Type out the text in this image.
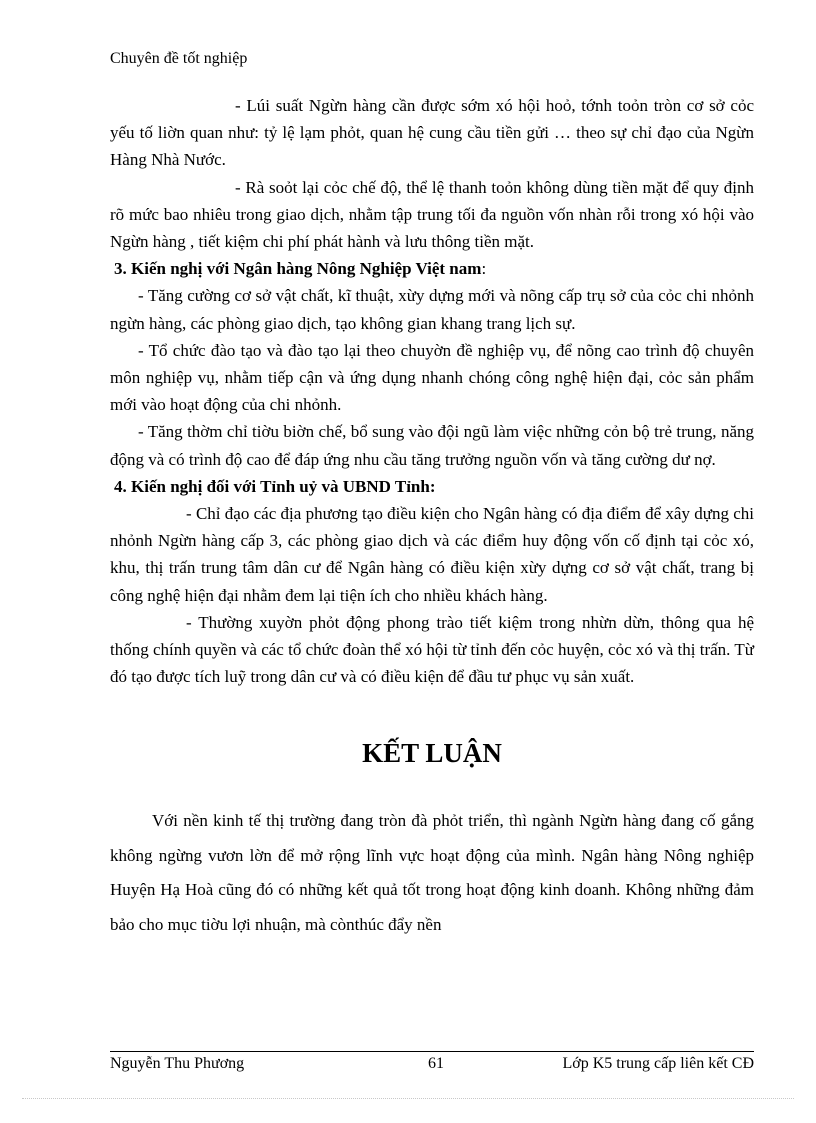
Chuyên đề tốt nghiệp

- Lúi suất Ngừn hàng cần được sớm xó hội hoỏ, tớnh toỏn tròn cơ sở cỏc yếu tố liờn quan như: tỷ lệ lạm phỏt, quan hệ cung cầu tiền gửi … theo sự chỉ đạo của Ngừn Hàng Nhà Nước.

- Rà soỏt lại cỏc chế độ, thể lệ thanh toỏn không dùng tiền mặt để quy định rõ mức bao nhiêu trong giao dịch, nhằm tập trung tối đa nguồn vốn nhàn rỗi trong xó hội vào Ngừn hàng , tiết kiệm chi phí phát hành và lưu thông tiền mặt.

3. Kiến nghị với Ngân hàng Nông Nghiệp Việt nam:

- Tăng cường cơ sở vật chất, kĩ thuật, xừy dựng mới và nõng cấp trụ sở của cỏc chi nhỏnh ngừn hàng, các phòng giao dịch, tạo không gian khang trang lịch sự.

- Tổ chức đào tạo và đào tạo lại theo chuyờn đề nghiệp vụ, để nõng cao trình độ chuyên môn nghiệp vụ, nhằm tiếp cận và ứng dụng nhanh chóng công nghệ hiện đại, cỏc sản phẩm mới vào hoạt động của chi nhỏnh.

- Tăng thờm chỉ tiờu biờn chế, bổ sung vào đội ngũ làm việc những cỏn bộ trẻ trung, năng động và có trình độ cao để đáp ứng nhu cầu tăng trưởng nguồn vốn và tăng cường dư nợ.

4. Kiến nghị đối với Tỉnh uỷ và UBND Tỉnh:

- Chỉ đạo các địa phương tạo điều kiện cho Ngân hàng có địa điểm để xây dựng chi nhỏnh Ngừn hàng cấp 3, các phòng giao dịch và các điểm huy động vốn cố định tại cỏc xó, khu, thị trấn trung tâm dân cư để Ngân hàng có điều kiện xừy dựng cơ sở vật chất, trang bị công nghệ hiện đại nhằm đem lại tiện ích cho nhiều khách hàng.

- Thường xuyờn phỏt động phong trào tiết kiệm trong nhừn dừn, thông qua hệ thống chính quyền và các tổ chức đoàn thể xó hội từ tỉnh đến cỏc huyện, cỏc xó và thị trấn. Từ đó tạo được tích luỹ trong dân cư và có điều kiện để đầu tư phục vụ sản xuất.

KẾT LUẬN

Với nền kinh tế thị trường đang tròn đà phỏt triển, thì ngành Ngừn hàng đang cố gắng không ngừng vươn lờn để mở rộng lĩnh vực hoạt động của mình. Ngân hàng Nông nghiệp Huyện Hạ Hoà cũng đó có những kết quả tốt trong hoạt động kinh doanh. Không những đảm bảo cho mục tiờu lợi nhuận, mà cònthúc đẩy nền

Nguyễn Thu Phương	61	Lớp K5 trung cấp liên kết CĐ
